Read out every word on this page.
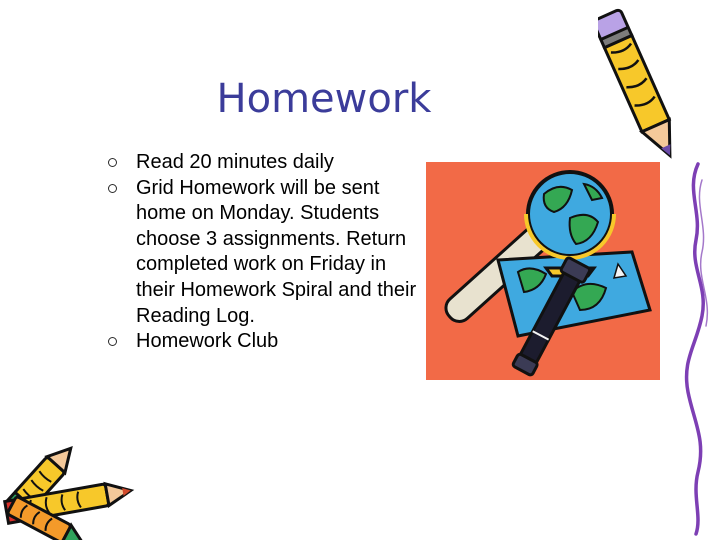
Homework
Read 20 minutes daily
Grid Homework will be sent home on Monday. Students choose 3 assignments. Return completed work on Friday in their Homework Spiral and their Reading Log.
Homework Club
